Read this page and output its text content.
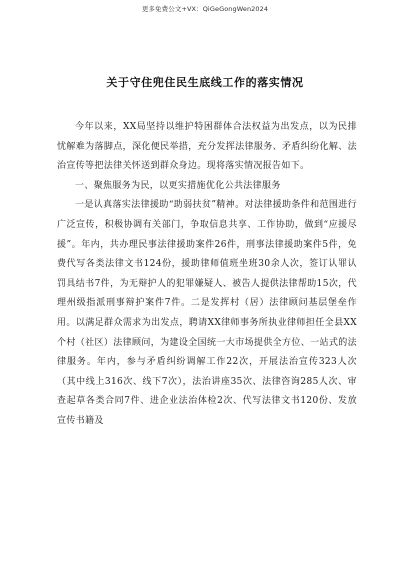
更多免费公文+VX：QiGeGongWen2024
关于守住兜住民生底线工作的落实情况

今年以来，XX局坚持以维护特困群体合法权益为出发点，以为民排忧解难为落脚点，深化便民举措，充分发挥法律服务、矛盾纠纷化解、法治宣传等把法律关怀送到群众身边。现将落实情况报告如下。

一、聚焦服务为民，以更实措施优化公共法律服务

一是认真落实法律援助“助弱扶贫”精神。对法律援助条件和范围进行广泛宣传，积极协调有关部门，争取信息共享、工作协助，做到“应援尽援”。年内，共办理民事法律援助案件26件，刑事法律援助案件5件，免费代写各类法律文书124份，援助律师值班坐班30余人次，签订认罪认罚具结书7件，为无辩护人的犯罪嫌疑人、被告人提供法律帮助15次，代理州级指派刑事辩护案件7件。二是发挥村（居）法律顾问基层堡垒作用。以满足群众需求为出发点，聘请XX律师事务所执业律师担任全县XX个村（社区）法律顾问，为建设全国统一大市场提供全方位、一站式的法律服务。年内，参与矛盾纠纷调解工作22次，开展法治宣传323人次（其中线上316次、线下7次），法治讲座35次、法律咨询285人次、审查起草各类合同7件、进企业法治体检2次、代写法律文书120份、发放宣传书籍及
